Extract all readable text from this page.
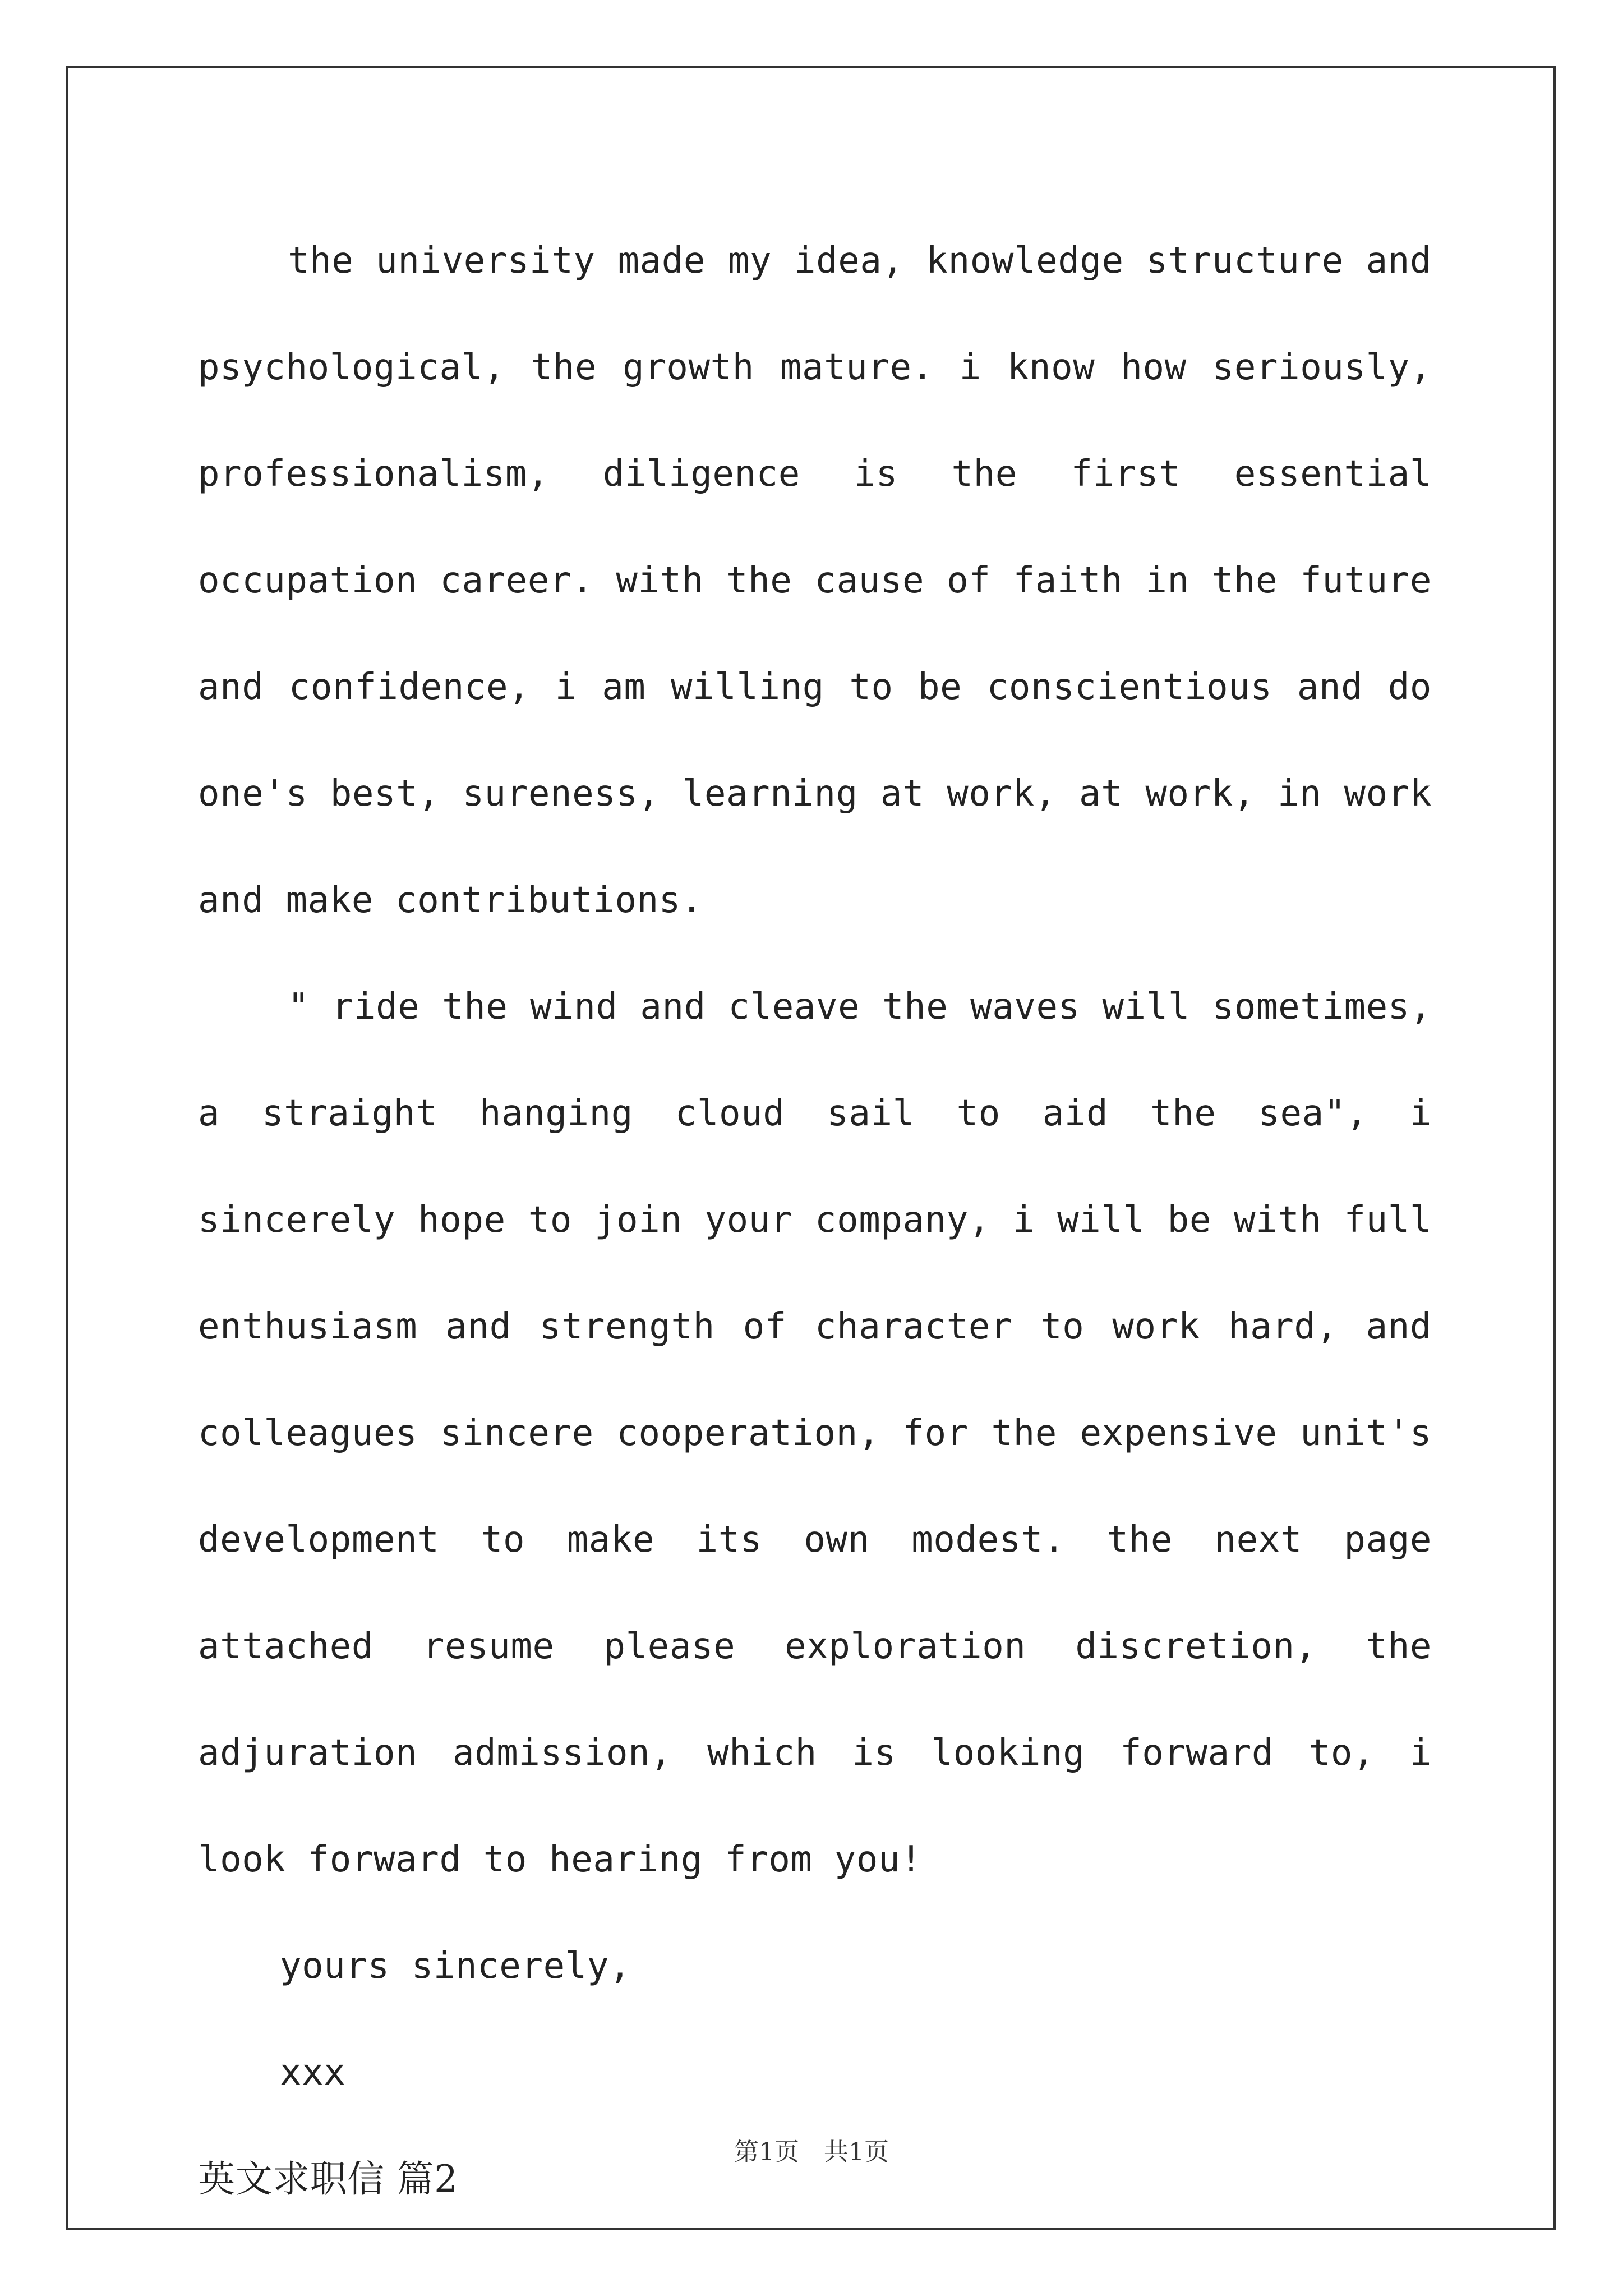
the university made my idea, knowledge structure and psychological, the growth mature. i know how seriously, professionalism, diligence is the first essential occupation career. with the cause of faith in the future and confidence, i am willing to be conscientious and do one's best, sureness, learning at work, at work, in work and make contributions.

" ride the wind and cleave the waves will sometimes, a straight hanging cloud sail to aid the sea", i sincerely hope to join your company, i will be with full enthusiasm and strength of character to work hard, and colleagues sincere cooperation, for the expensive unit's development to make its own modest. the next page attached resume please exploration discretion, the adjuration admission, which is looking forward to, i look forward to hearing from you!

yours sincerely,

xxx

英文求职信 篇2

第1页　共1页
